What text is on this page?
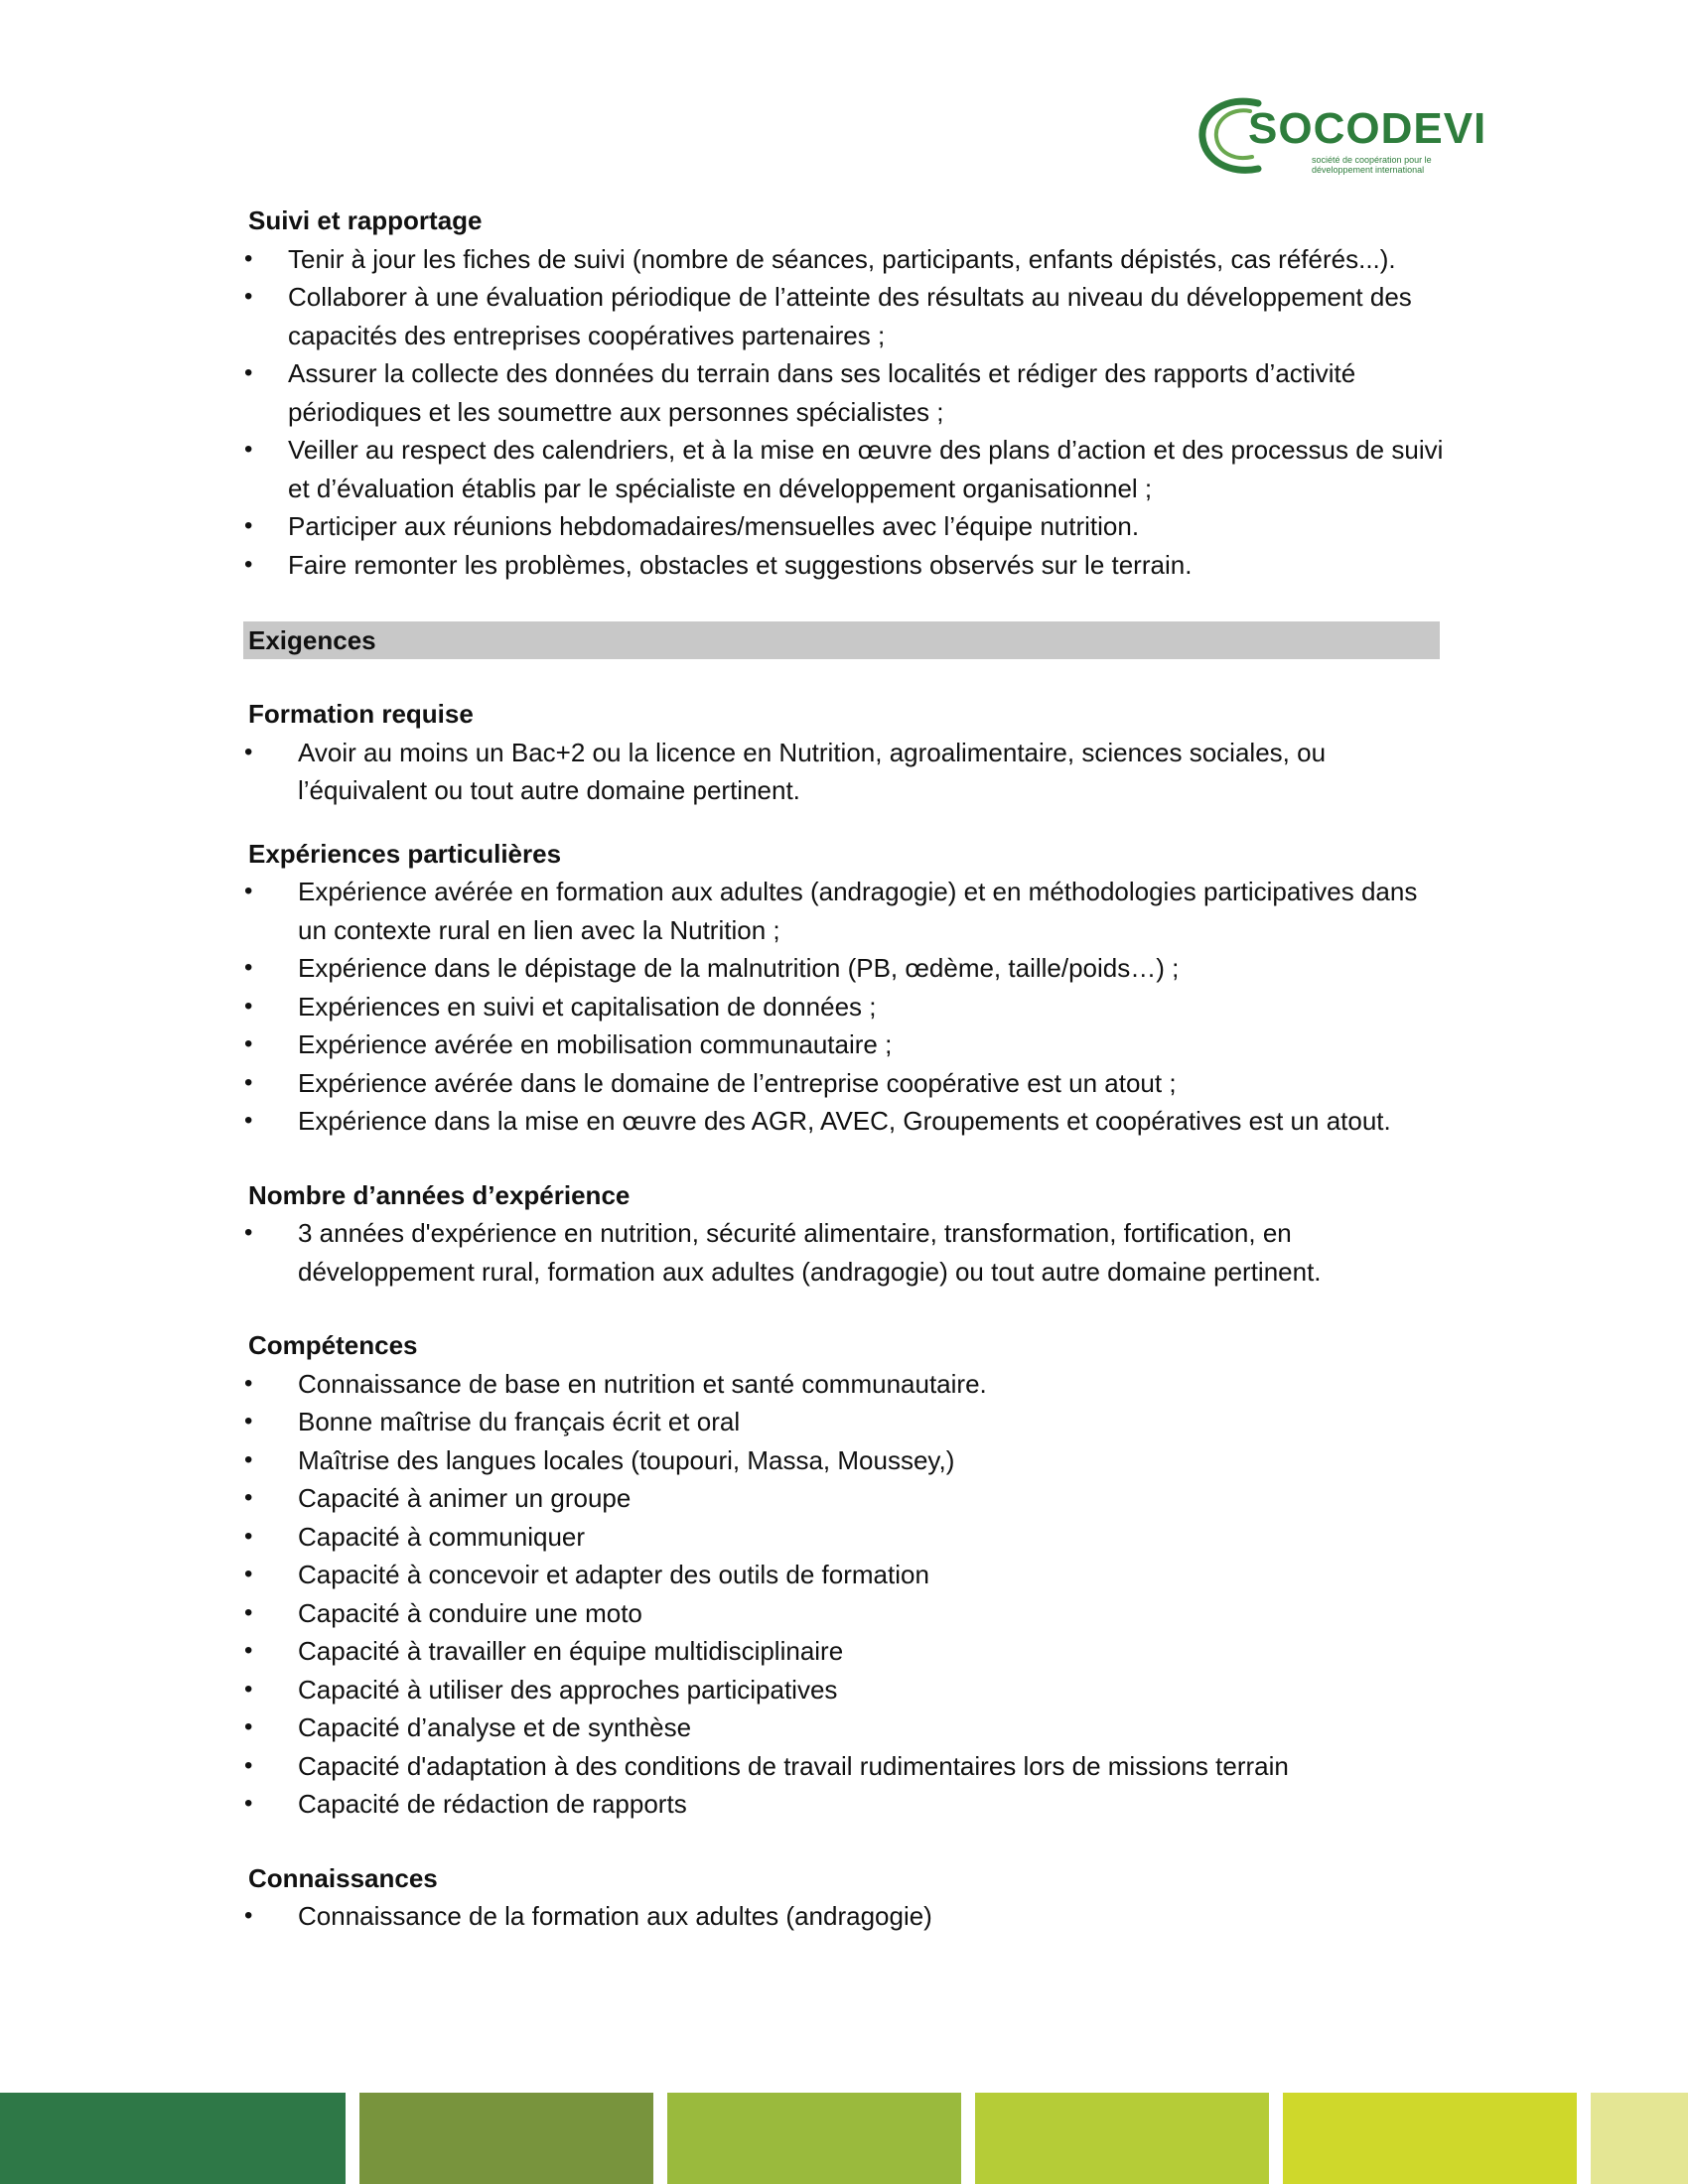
SOCODEVI
société de coopération pour le développement international

Suivi et rapportage

• Tenir à jour les fiches de suivi (nombre de séances, participants, enfants dépistés, cas référés...).
• Collaborer à une évaluation périodique de l’atteinte des résultats au niveau du développement des capacités des entreprises coopératives partenaires ;
• Assurer la collecte des données du terrain dans ses localités et rédiger des rapports d’activité périodiques et les soumettre aux personnes spécialistes ;
• Veiller au respect des calendriers, et à la mise en œuvre des plans d’action et des processus de suivi et d’évaluation établis par le spécialiste en développement organisationnel ;
• Participer aux réunions hebdomadaires/mensuelles avec l’équipe nutrition.
• Faire remonter les problèmes, obstacles et suggestions observés sur le terrain.
Exigences

Formation requise

• Avoir au moins un Bac+2 ou la licence en Nutrition, agroalimentaire, sciences sociales, ou l’équivalent ou tout autre domaine pertinent.

Expériences particulières

• Expérience avérée en formation aux adultes (andragogie) et en méthodologies participatives dans un contexte rural en lien avec la Nutrition ;
• Expérience dans le dépistage de la malnutrition (PB, œdème, taille/poids…) ;
• Expériences en suivi et capitalisation de données ;
• Expérience avérée en mobilisation communautaire ;
• Expérience avérée dans le domaine de l’entreprise coopérative est un atout ;
• Expérience dans la mise en œuvre des AGR, AVEC, Groupements et coopératives est un atout.

Nombre d’années d’expérience

• 3 années d'expérience en nutrition, sécurité alimentaire, transformation, fortification, en développement rural, formation aux adultes (andragogie) ou tout autre domaine pertinent.

Compétences

• Connaissance de base en nutrition et santé communautaire.
• Bonne maîtrise du français écrit et oral
• Maîtrise des langues locales (toupouri, Massa, Moussey,)
• Capacité à animer un groupe
• Capacité à communiquer
• Capacité à concevoir et adapter des outils de formation
• Capacité à conduire une moto
• Capacité à travailler en équipe multidisciplinaire
• Capacité à utiliser des approches participatives
• Capacité d’analyse et de synthèse
• Capacité d'adaptation à des conditions de travail rudimentaires lors de missions terrain
• Capacité de rédaction de rapports

Connaissances

• Connaissance de la formation aux adultes (andragogie)
